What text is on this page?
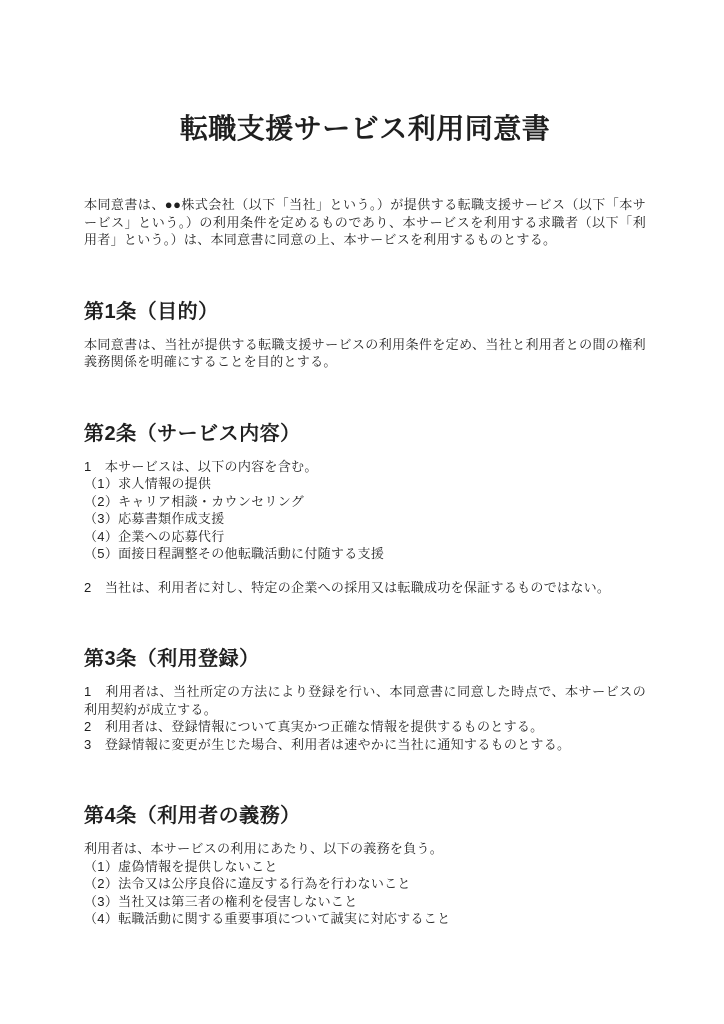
転職支援サービス利用同意書

本同意書は、●●株式会社（以下「当社」という。）が提供する転職支援サービス（以下「本サービス」という。）の利用条件を定めるものであり、本サービスを利用する求職者（以下「利用者」という。）は、本同意書に同意の上、本サービスを利用するものとする。

第1条（目的）

本同意書は、当社が提供する転職支援サービスの利用条件を定め、当社と利用者との間の権利義務関係を明確にすることを目的とする。

第2条（サービス内容）

1　本サービスは、以下の内容を含む。

（1）求人情報の提供

（2）キャリア相談・カウンセリング

（3）応募書類作成支援

（4）企業への応募代行

（5）面接日程調整その他転職活動に付随する支援

2　当社は、利用者に対し、特定の企業への採用又は転職成功を保証するものではない。

第3条（利用登録）

1　利用者は、当社所定の方法により登録を行い、本同意書に同意した時点で、本サービスの利用契約が成立する。

2　利用者は、登録情報について真実かつ正確な情報を提供するものとする。

3　登録情報に変更が生じた場合、利用者は速やかに当社に通知するものとする。

第4条（利用者の義務）

利用者は、本サービスの利用にあたり、以下の義務を負う。

（1）虚偽情報を提供しないこと

（2）法令又は公序良俗に違反する行為を行わないこと

（3）当社又は第三者の権利を侵害しないこと

（4）転職活動に関する重要事項について誠実に対応すること
